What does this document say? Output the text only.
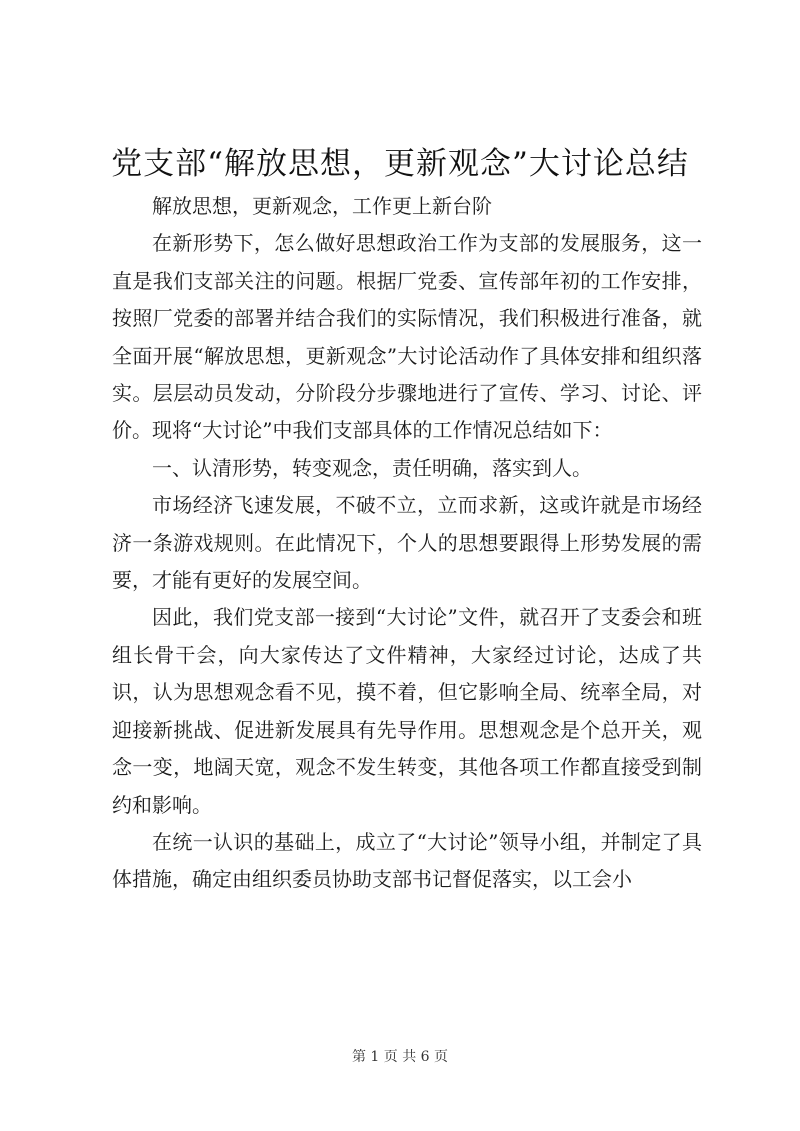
党支部“解放思想，更新观念”大讨论总结

解放思想，更新观念，工作更上新台阶

在新形势下，怎么做好思想政治工作为支部的发展服务，这一直是我们支部关注的问题。根据厂党委、宣传部年初的工作安排，按照厂党委的部署并结合我们的实际情况，我们积极进行准备，就全面开展“解放思想，更新观念”大讨论活动作了具体安排和组织落实。层层动员发动，分阶段分步骤地进行了宣传、学习、讨论、评价。现将“大讨论”中我们支部具体的工作情况总结如下：

一、认清形势，转变观念，责任明确，落实到人。

市场经济飞速发展，不破不立，立而求新，这或许就是市场经济一条游戏规则。在此情况下，个人的思想要跟得上形势发展的需要，才能有更好的发展空间。

因此，我们党支部一接到“大讨论”文件，就召开了支委会和班组长骨干会，向大家传达了文件精神，大家经过讨论，达成了共识，认为思想观念看不见，摸不着，但它影响全局、统率全局，对迎接新挑战、促进新发展具有先导作用。思想观念是个总开关，观念一变，地阔天宽，观念不发生转变，其他各项工作都直接受到制约和影响。

在统一认识的基础上，成立了“大讨论”领导小组，并制定了具体措施，确定由组织委员协助支部书记督促落实，以工会小

第 1 页 共 6 页
